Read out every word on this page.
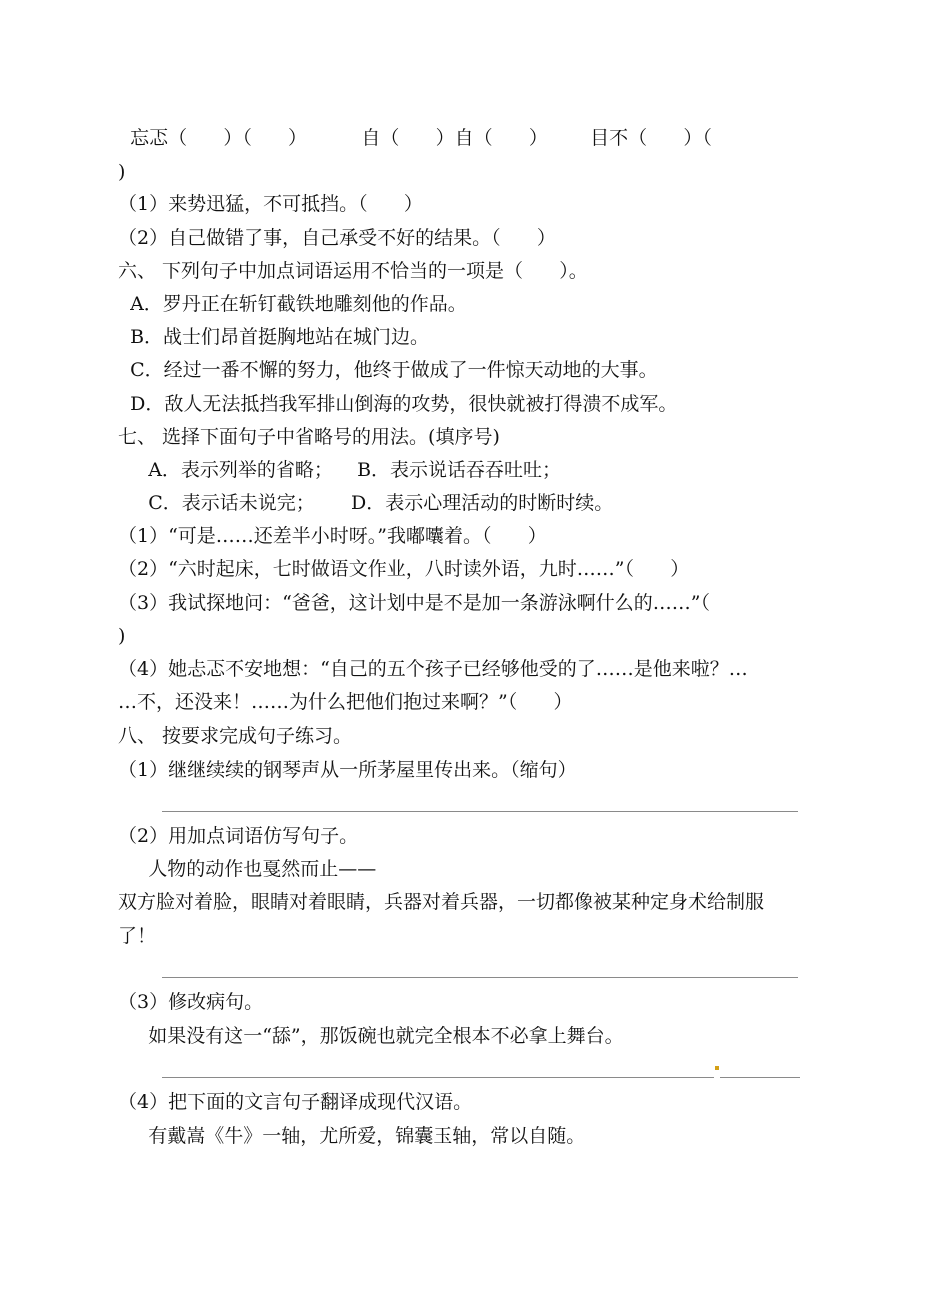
忘忑（      ）（      ）         自（      ）自（      ）       目不（      ）（

)

（1）来势迅猛，不可抵挡。（      ）

（2）自己做错了事，自己承受不好的结果。（      ）

六、 下列句子中加点词语运用不恰当的一项是（      ）。

A．罗丹正在斩钉截铁地雕刻他的作品。

B．战士们昂首挺胸地站在城门边。

C．经过一番不懈的努力，他终于做成了一件惊天动地的大事。

D．敌人无法抵挡我军排山倒海的攻势，很快就被打得溃不成军。

七、 选择下面句子中省略号的用法。(填序号)

A．表示列举的省略；    B．表示说话吞吞吐吐；

C．表示话未说完；      D．表示心理活动的时断时续。

（1）“可是……还差半小时呀。”我嘟囔着。（      ）

（2）“六时起床，七时做语文作业，八时读外语，九时……”（      ）

（3）我试探地问：“爸爸，这计划中是不是加一条游泳啊什么的……”（

)

（4）她忐忑不安地想：“自己的五个孩子已经够他受的了……是他来啦？…

…不，还没来！……为什么把他们抱过来啊？”（      ）

八、 按要求完成句子练习。

（1）继继续续的钢琴声从一所茅屋里传出来。（缩句）

（2）用加点词语仿写句子。

人物的动作也戛然而止——

双方脸对着脸，眼睛对着眼睛，兵器对着兵器，一切都像被某种定身术给制服

了！

（3）修改病句。

如果没有这一“舔”，那饭碗也就完全根本不必拿上舞台。

（4）把下面的文言句子翻译成现代汉语。

有戴嵩《牛》一轴，尤所爱，锦囊玉轴，常以自随。
